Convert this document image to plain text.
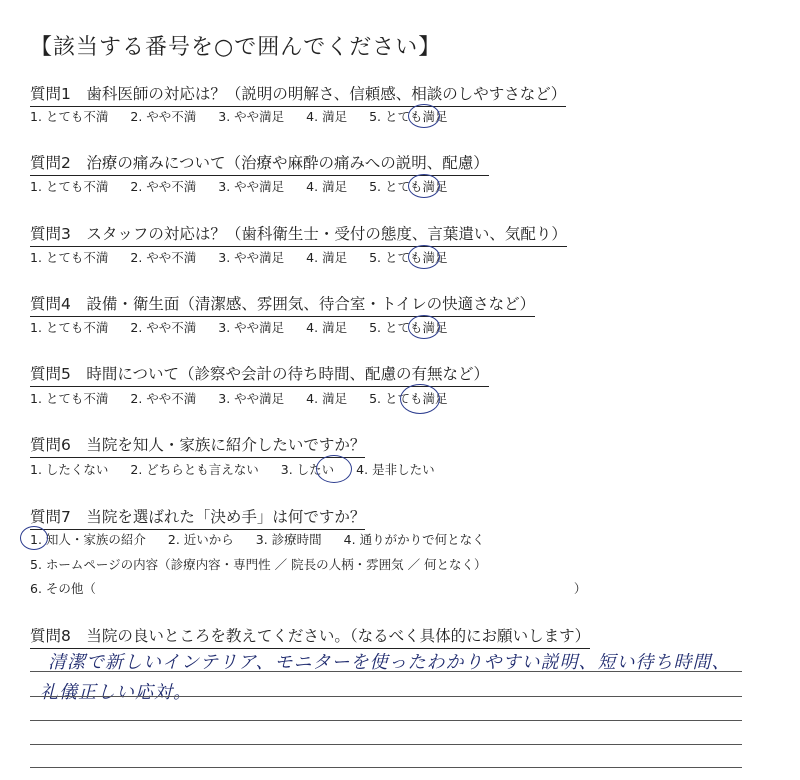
【該当する番号を○で囲んでください】
質問1　歯科医師の対応は？（説明の明解さ、信頼感、相談のしやすさなど）
1. とても不満 2. やや不満 3. やや満足 4. 満足 5. とても満足
質問2　治療の痛みについて（治療や麻酔の痛みへの説明、配慮）
1. とても不満 2. やや不満 3. やや満足 4. 満足 5. とても満足
質問3　スタッフの対応は？（歯科衛生士・受付の態度、言葉遣い、気配り）
1. とても不満 2. やや不満 3. やや満足 4. 満足 5. とても満足
質問4　設備・衛生面（清潔感、雰囲気、待合室・トイレの快適さなど）
1. とても不満 2. やや不満 3. やや満足 4. 満足 5. とても満足
質問5　時間について（診察や会計の待ち時間、配慮の有無など）
1. とても不満 2. やや不満 3. やや満足 4. 満足 5. とても満足
質問6　当院を知人・家族に紹介したいですか？
1. したくない 2. どちらとも言えない 3. したい 4. 是非したい
質問7　当院を選ばれた「決め手」は何ですか？
1. 知人・家族の紹介 2. 近いから 3. 診療時間 4. 通りがかりで何となく
5. ホームページの内容（診療内容・専門性 ／ 院長の人柄・雰囲気 ／ 何となく）
6. その他（	）
質問8　当院の良いところを教えてください。（なるべく具体的にお願いします）
清潔で新しいインテリア、モニターを使ったわかりやすい説明、短い待ち時間、
礼儀正しい応対。
